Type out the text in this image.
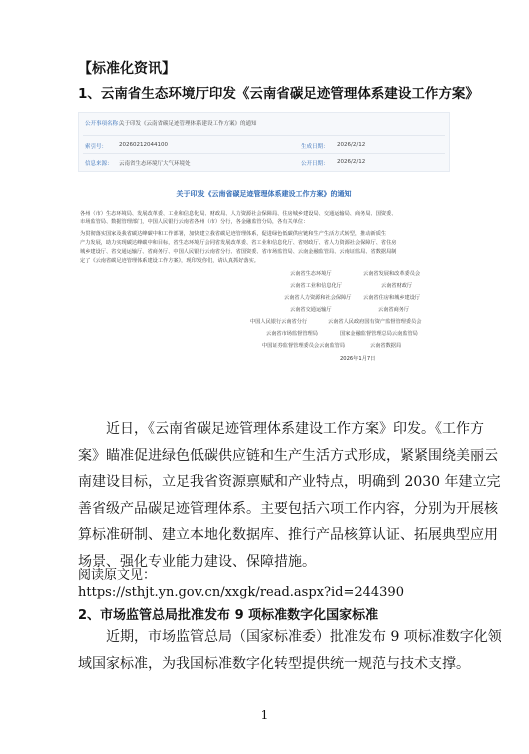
【标准化资讯】
1、云南省生态环境厅印发《云南省碳足迹管理体系建设工作方案》
公开事项名称：
关于印发《云南省碳足迹管理体系建设工作方案》的通知
索引号： 20260212044100	生成日期： 2026/2/12
信息来源： 云南省生态环境厅大气环境处	公开日期： 2026/2/12
关于印发《云南省碳足迹管理体系建设工作方案》的通知

各州（市）生态环境局、发展改革委、工业和信息化局、财政局、人力资源社会保障局、住房城乡建设局、交通运输局、商务局、国资委、

市场监管局、数据管理部门，中国人民银行云南省各州（市）分行，各金融监管分局，各有关单位：

为贯彻落实国家及我省碳达峰碳中和工作部署，加快建立我省碳足迹管理体系，促进绿色低碳供应链和生产生活方式转型，推动新质生

产力发展，助力实现碳达峰碳中和目标，省生态环境厅会同省发展改革委、省工业和信息化厅、省财政厅、省人力资源社会保障厅、省住房

城乡建设厅、省交通运输厅、省商务厅、中国人民银行云南省分行、省国资委、省市场监管局、云南金融监管局、云南证监局、省数据局制

定了《云南省碳足迹管理体系建设工作方案》，现印发你们，请认真抓好落实。

云南省生态环境厅	云南省发展和改革委员会
云南省工业和信息化厅	云南省财政厅
云南省人力资源和社会保障厅 云南省住房和城乡建设厅
云南省交通运输厅	云南省商务厅
中国人民银行云南省分行	云南省人民政府国有资产监督管理委员会
云南省市场监督管理局	国家金融监督管理总局云南监管局
中国证券监督管理委员会云南监管局	云南省数据局
2026年1月7日
近日，《云南省碳足迹管理体系建设工作方案》印发。《工作方
案》瞄准促进绿色低碳供应链和生产生活方式形成，紧紧围绕美丽云
南建设目标，立足我省资源禀赋和产业特点，明确到 2030 年建立完
善省级产品碳足迹管理体系。主要包括六项工作内容，分别为开展核
算标准研制、建立本地化数据库、推行产品核算认证、拓展典型应用
场景、强化专业能力建设、保障措施。
阅读原文见：
https://sthjt.yn.gov.cn/xxgk/read.aspx?id=244390
2、市场监管总局批准发布 9 项标准数字化国家标准
近期，市场监管总局（国家标准委）批准发布 9 项标准数字化领
域国家标准，为我国标准数字化转型提供统一规范与技术支撑。
1
